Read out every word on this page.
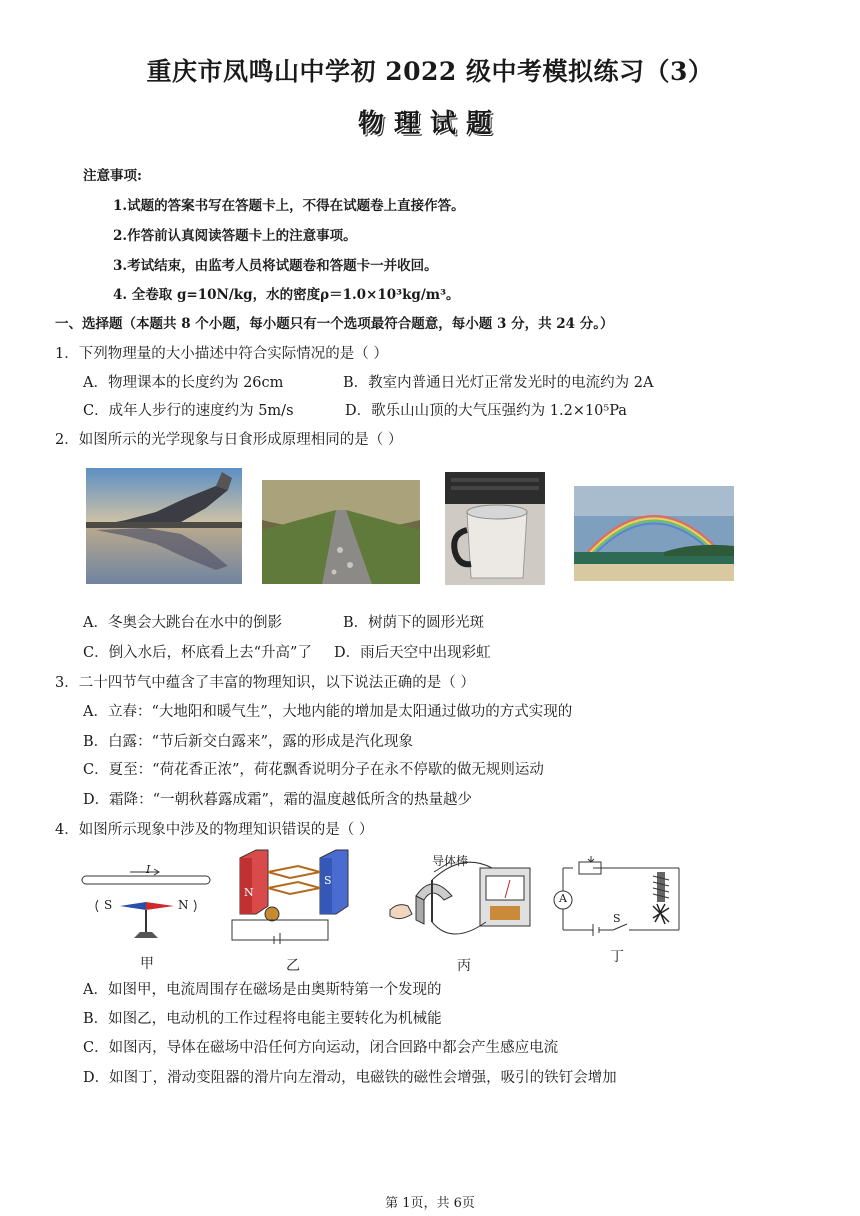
重庆市凤鸣山中学初 2022 级中考模拟练习（3）
物理试题
注意事项:
1.试题的答案书写在答题卡上，不得在试题卷上直接作答。
2.作答前认真阅读答题卡上的注意事项。
3.考试结束，由监考人员将试题卷和答题卡一并收回。
4. 全卷取 g=10N/kg，水的密度ρ＝1.0×10³kg/m³。
一、选择题（本题共 8 个小题，每小题只有一个选项最符合题意，每小题 3 分，共 24 分。）
1．下列物理量的大小描述中符合实际情况的是（ ）
A．物理课本的长度约为 26cm	B．教室内普通日光灯正常发光时的电流约为 2A
C．成年人步行的速度约为 5m/s	D．歌乐山山顶的大气压强约为 1.2×10⁵Pa
2．如图所示的光学现象与日食形成原理相同的是（ ）
A．冬奥会大跳台在水中的倒影	B．树荫下的圆形光斑
C．倒入水后，杯底看上去“升高”了 D．雨后天空中出现彩虹
3．二十四节气中蕴含了丰富的物理知识，以下说法正确的是（ ）
A．立春：“大地阳和暖气生”，大地内能的增加是太阳通过做功的方式实现的
B．白露：“节后新交白露来”，露的形成是汽化现象
C．夏至：“荷花香正浓”，荷花飘香说明分子在永不停歇的做无规则运动
D．霜降：“一朝秋暮露成霜”，霜的温度越低所含的热量越少
4．如图所示现象中涉及的物理知识错误的是（ ）
I
S	N
N
S
导体棒
A
S
甲	乙	丙
丁
A．如图甲，电流周围存在磁场是由奥斯特第一个发现的
B．如图乙，电动机的工作过程将电能主要转化为机械能
C．如图丙，导体在磁场中沿任何方向运动，闭合回路中都会产生感应电流
D．如图丁，滑动变阻器的滑片向左滑动，电磁铁的磁性会增强，吸引的铁钉会增加
第 1页，共 6页
